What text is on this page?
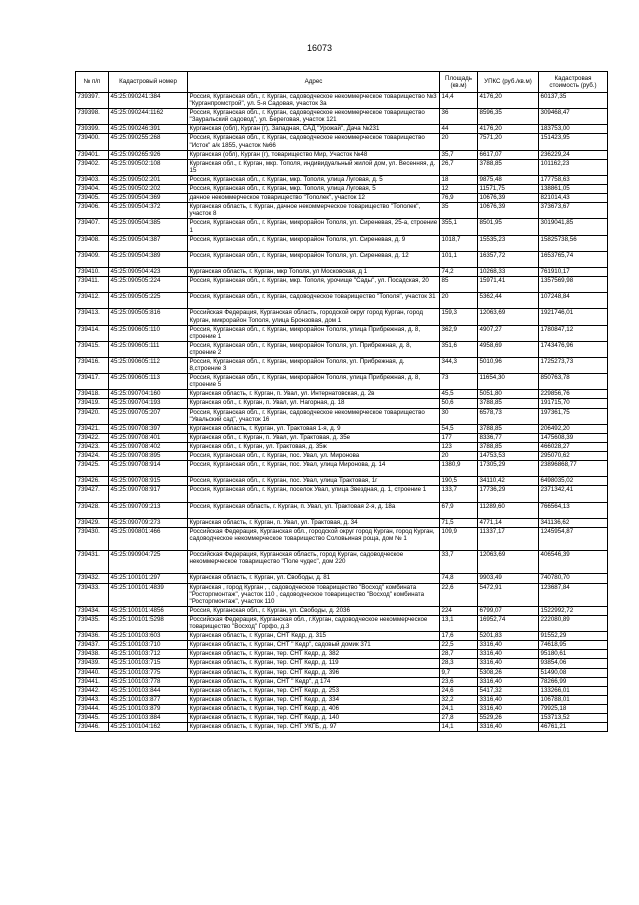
16073
№ п/п	Кадастровый номер	Адрес	Площадь (кв.м)	УПКС (руб./кв.м)	Кадастровая стоимость (руб.)
739397.	45:25:090241:384	Россия, Курганская обл., г. Курган, садоводческое некоммерческое товарищество №3 "Курганпромстрой", ул. 5-я Садовая, участок 3а	14,4	4176,20	60137,35
739398.	45:25:090244:1162	Россия, Курганская обл., г. Курган, садоводческое некоммерческое товарищество "Зауральский садовод", ул. Береговая, участок 121	36	8596,35	309468,47
739399.	45:25:090246:391	Курганская (обл), Курган (г), Западная, САД "Урожай", Дача №231	44	4176,20	183753,00
739400.	45:25:090255:268	Россия, Курганская обл., г. Курган, садоводческое некоммерческое товарищество "Исток" а/к 1855, участок №66	20	7571,20	151423,95
739401.	45:25:090265:926	Курганская (обл), Курган (г), товарищество Мир, Участок №48	35,7	6617,07	236229,24
739402.	45:25:090502:108	Курганская обл., г. Курган, мкр. Тополя, индивидуальный жилой дом, ул. Весенняя, д. 15	26,7	3788,85	101162,23
739403.	45:25:090502:201	Россия, Курганская обл., г. Курган, мкр. Тополя, улица Луговая, д. 5	18	9875,48	177758,63
739404.	45:25:090502:202	Россия, Курганская обл., г. Курган, мкр. Тополя, улица Луговая, 5	12	11571,75	138861,05
739405.	45:25:090504:369	дачное некоммерческое товарищество "Тополек", участок 12	76,9	10676,39	821014,43
739406.	45:25:090504:372	Курганская область, г. Курган, дачное некоммерческое товарищество "Тополек", участок 8	35	10676,39	373673,67
739407.	45:25:090504:385	Россия, Курганская обл., г. Курган, микрорайон Тополя, ул. Сиреневая, 25-а, строение 1	355,1	8501,95	3019041,85
739408.	45:25:090504:387	Россия, Курганская обл., г. Курган, микрорайон Тополя, ул. Сиреневая, д. 9	1018,7	15535,23	15825738,56
739409.	45:25:090504:389	Россия, Курганская обл., г. Курган, микрорайон Тополя, ул. Сиреневая, д. 12	101,1	16357,72	1653765,74
739410.	45:25:090504:423	Курганская область, г. Курган, мкр Тополя, ул Московская, д 1	74,2	10268,33	761910,17
739411.	45:25:090505:224	Россия, Курганская обл., г. Курган, мкр. Тополя, урочище "Сады", ул. Посадская, 20	85	15971,41	1357569,98
739412.	45:25:090505:225	Россия, Курганская обл., г. Курган, садоводческое товарищество "Тополя", участок 31	20	5362,44	107248,84
739413.	45:25:090505:816	Российская Федерация, Курганская область, городской округ город Курган, город Курган, микрорайон Тополя, улица Бронзовая, дом 1	159,3	12063,69	1921746,01
739414.	45:25:090605:110	Россия, Курганская обл., г. Курган, микрорайон Тополя, улица Прибрежная, д. 8, строение 1	362,9	4907,27	1780847,12
739415.	45:25:090605:111	Россия, Курганская обл., г. Курган, микрорайон Тополя, ул. Прибрежная, д. 8, строение 2	351,6	4958,69	1743476,96
739416.	45:25:090605:112	Россия, Курганская обл., г. Курган, микрорайон Тополя, ул. Прибрежная, д. 8,строение 3	344,3	5010,96	1725273,73
739417.	45:25:090605:113	Россия, Курганская обл., г. Курган, микрорайон Тополя, улица Прибрежная, д. 8, строение 5	73	11654,30	850763,78
739418.	45:25:090704:160	Курганская область, г. Курган, п. Увал, ул. Интернатовская, д. 2в	45,5	5051,80	229856,76
739419.	45:25:090704:193	Курганская обл., г. Курган, п. Увал, ул. Нагорная, д. 18	50,6	3788,85	191715,70
739420.	45:25:090705:207	Россия, Курганская обл., г. Курган, садоводческое некоммерческое товарищество "Увальский сад", участок 16	30	6578,73	197361,75
739421.	45:25:090708:397	Курганская область, г. Курган, ул. Трактовая 1-я, д. 9	54,5	3788,85	206492,20
739422.	45:25:090708:401	Курганская обл., г. Курган, п. Увал, ул. Трактовая, д. 35е	177	8336,77	1475608,39
739423.	45:25:090708:402	Курганская обл., г. Курган, ул. Трактовая, д. 35ж	123	3788,85	466028,27
739424.	45:25:090708:895	Россия, Курганская обл., г. Курган, пос. Увал, ул. Миронова	20	14753,53	295070,62
739425.	45:25:090708:914	Россия, Курганская обл., г. Курган, пос. Увал, улица Миронова, д. 14	1380,9	17305,29	23896868,77
739426.	45:25:090708:915	Россия, Курганская обл., г. Курган, пос. Увал, улица Трактовая, 1г	190,5	34110,42	6498035,02
739427.	45:25:090708:917	Россия, Курганская обл., г. Курган, поселок Увал, улица Звездная, д. 1, строение 1	133,7	17736,29	2371342,41
739428.	45:25:090709:213	Россия, Курганская область, г. Курган, п. Увал, ул. Трактовая 2-я, д. 18а	67,9	11289,60	766564,13
739429.	45:25:090709:273	Курганская область, г. Курган, п. Увал, ул. Трактовая, д. 34	71,5	4771,14	341136,62
739430.	45:25:090801:466	Российская Федерация, Курганская обл., городской округ город Курган, город Курган, садоводческое некоммерческое товарищество Соловьиная роща, дом № 1	109,9	11337,17	1245954,87
739431.	45:25:090904:725	Российская Федерация, Курганская область, город Курган, садоводческое некоммерческое товарищество "Поле чудес", дом 220	33,7	12063,69	406546,39
739432.	45:25:100101:297	Курганская область, г. Курган, ул. Свободы, д. 81	74,8	9903,49	740780,70
739433.	45:25:100101:4839	Курганская , город Курган , , садоводческое товарищество "Восход" комбината "Росторгмонтаж", участок 110 , садоводческое товарищество "Восход" комбината "Росторгмонтаж", участок 110	22,6	5472,91	123687,84
739434.	45:25:100101:4856	Россия, Курганская обл., г. Курган, ул. Свободы, д. 2036	224	6799,07	1522992,72
739435.	45:25:100101:5298	Российская Федерация, Курганская обл., г.Курган, садоводческое некоммерческое товарищество "Восход" Горфо, д.3	13,1	16952,74	222080,89
739436.	45:25:100103:603	Курганская область, г. Курган, СНТ Кедр, д. 315	17,6	5201,83	91552,29
739437.	45:25:100103:710	Курганская область, г. Курган, СНТ " Кедр", садовый домик 371	22,5	3316,40	74618,95
739438.	45:25:100103:712	Курганская область, г. Курган, тер. СНТ Кедр, д. 382	28,7	3316,40	95180,61
739439.	45:25:100103:715	Курганская область, г. Курган, тер. СНТ Кедр, д. 119	28,3	3316,40	93854,06
739440.	45:25:100103:775	Курганская область, г. Курган, тер. СНТ Кедр, д. 396	9,7	5308,26	51490,08
739441.	45:25:100103:778	Курганская область, г. Курган, СНТ " Кедр", д 174	23,6	3316,40	78266,99
739442.	45:25:100103:844	Курганская область, г. Курган, тер. СНТ Кедр, д. 253	24,6	5417,32	133266,01
739443.	45:25:100103:877	Курганская область, г. Курган, тер. СНТ Кедр, д. 334	32,2	3316,40	106788,01
739444.	45:25:100103:879	Курганская область, г. Курган, тер. СНТ Кедр, д. 406	24,1	3316,40	79925,18
739445.	45:25:100103:884	Курганская область, г. Курган, тер. СНТ Кедр, д. 140	27,8	5529,26	153713,52
739446.	45:25:100104:162	Курганская область, г. Курган, тер. СНТ УКГБ, д. 97	14,1	3316,40	46761,21
